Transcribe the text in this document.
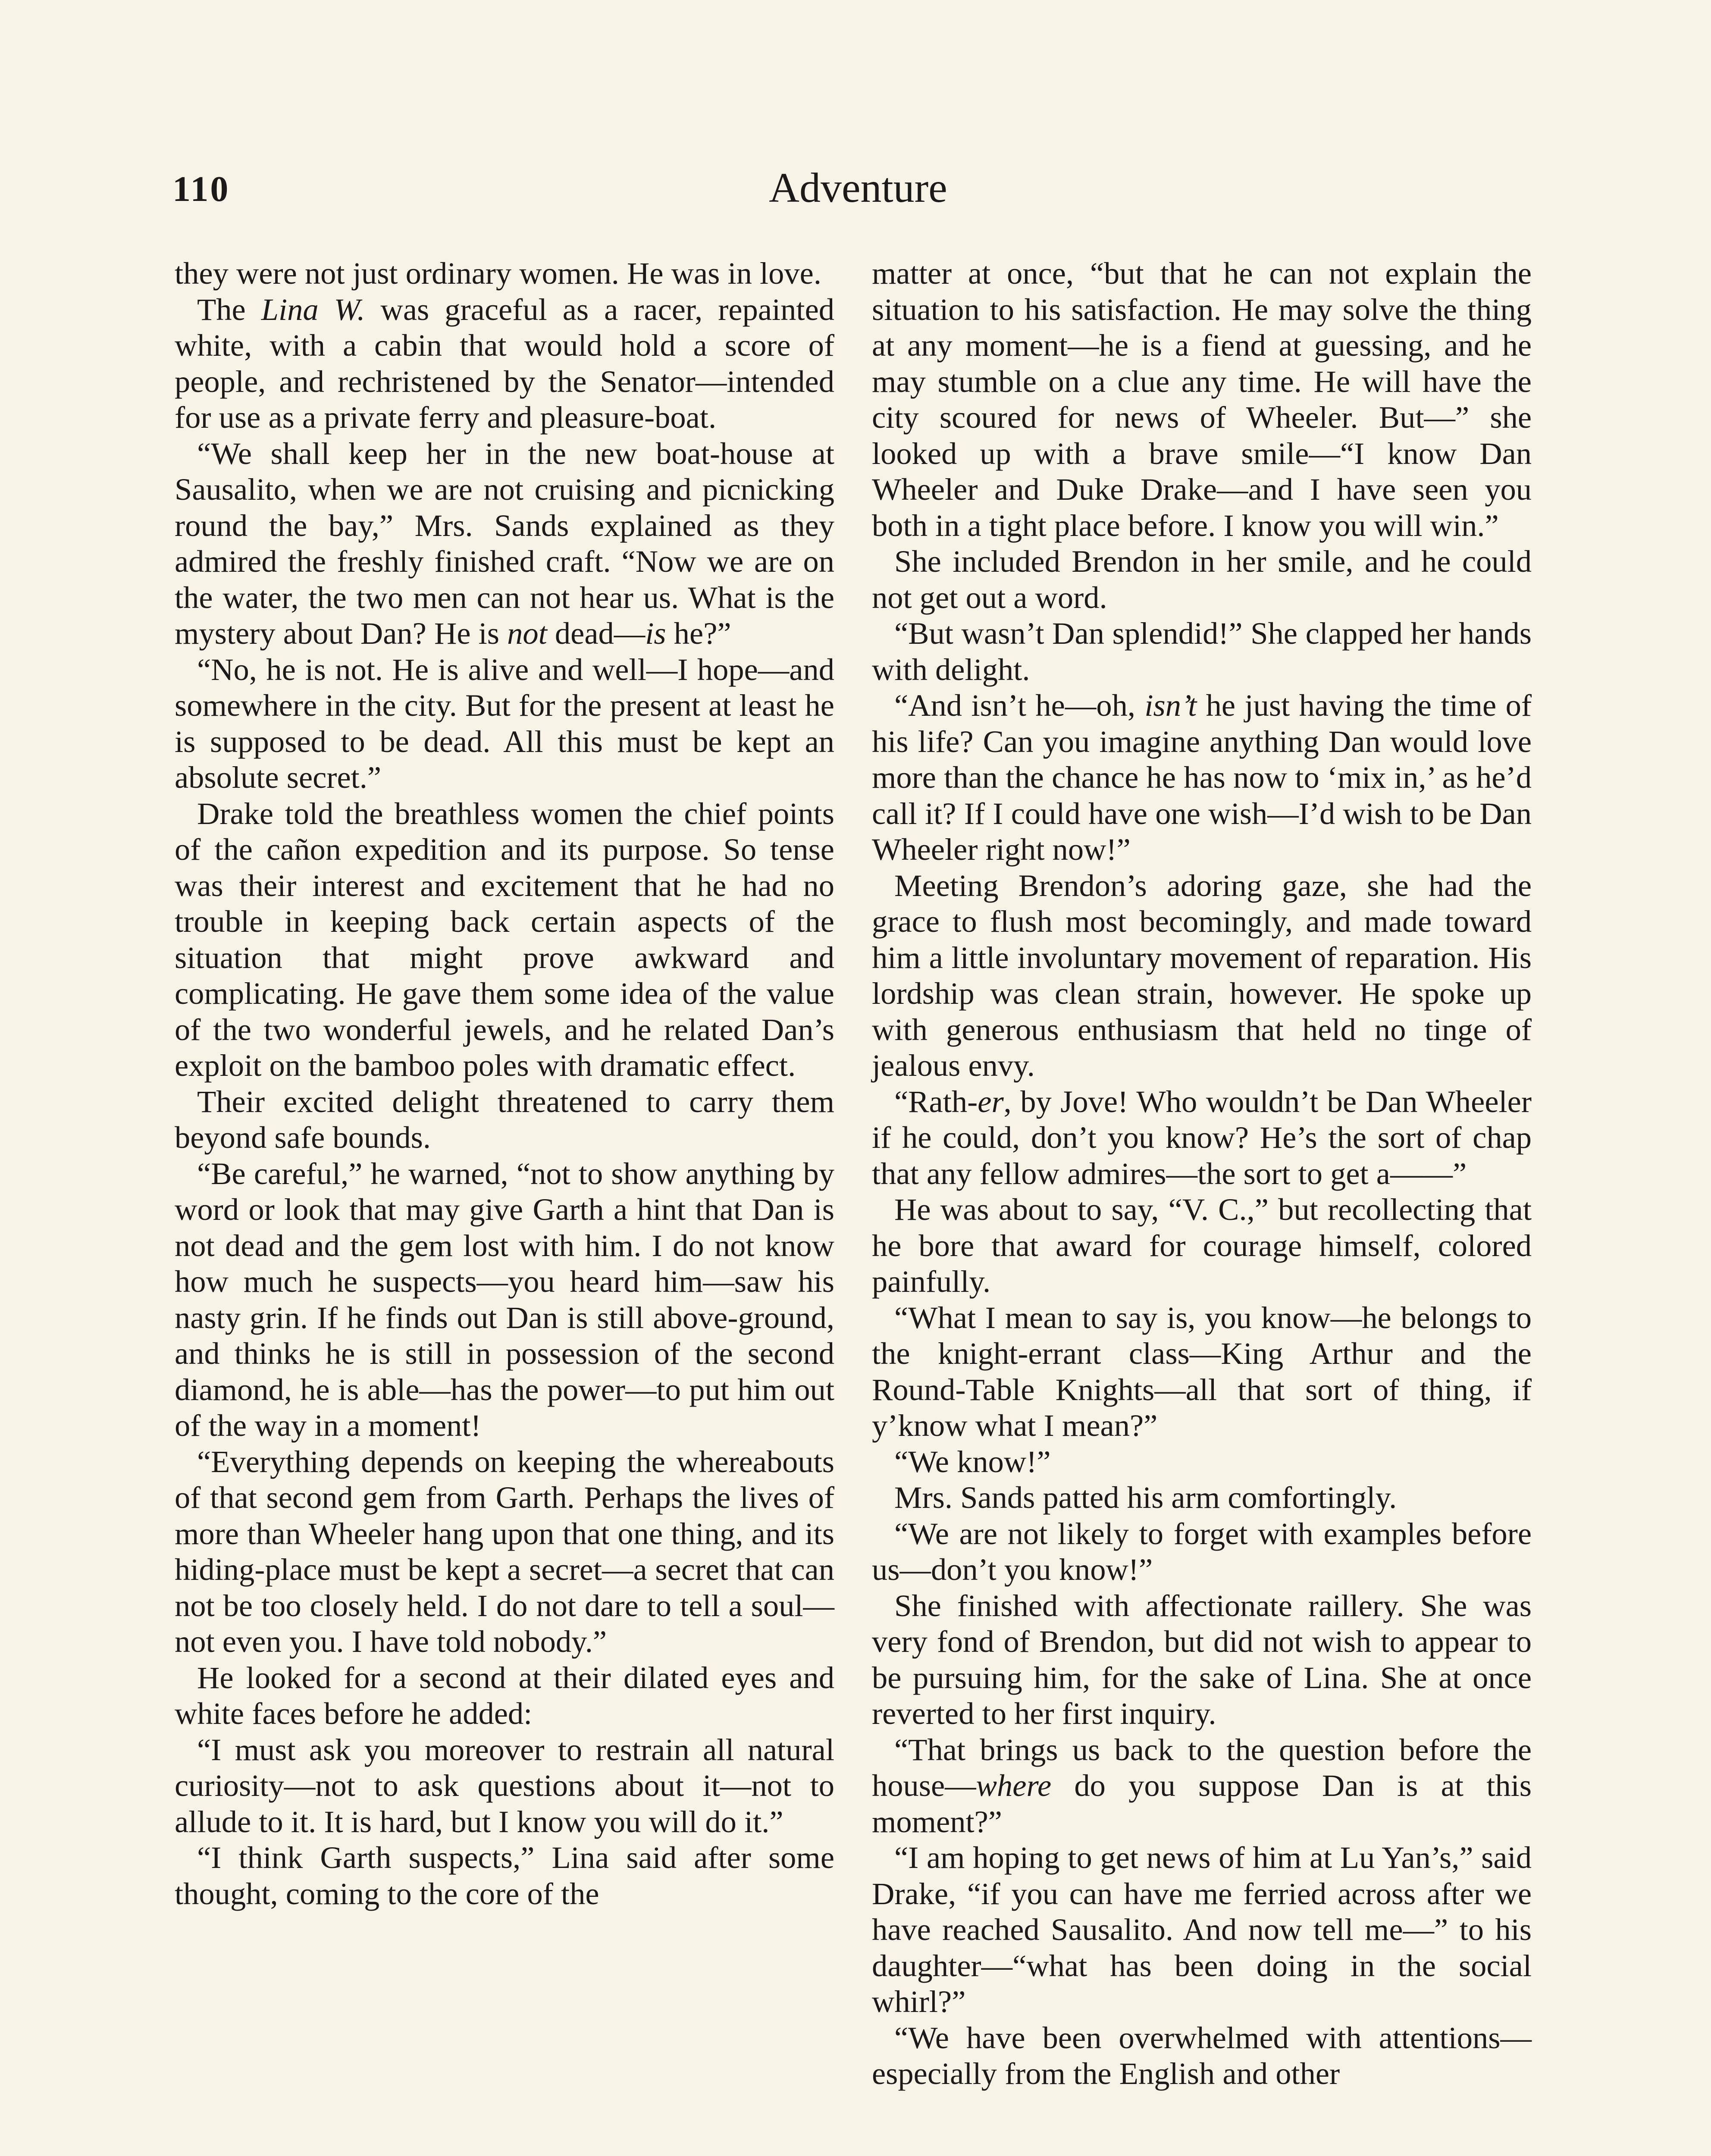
110	Adventure

they were not just ordinary women. He was in love.

The Lina W. was graceful as a racer, repainted white, with a cabin that would hold a score of people, and rechristened by the Senator—intended for use as a private ferry and pleasure-boat.

“We shall keep her in the new boat-house at Sausalito, when we are not cruising and picnicking round the bay,” Mrs. Sands explained as they admired the freshly finished craft. “Now we are on the water, the two men can not hear us. What is the mystery about Dan? He is not dead—is he?”

“No, he is not. He is alive and well—I hope—and somewhere in the city. But for the present at least he is supposed to be dead. All this must be kept an absolute secret.”

Drake told the breathless women the chief points of the cañon expedition and its purpose. So tense was their interest and excitement that he had no trouble in keeping back certain aspects of the situation that might prove awkward and complicating. He gave them some idea of the value of the two wonderful jewels, and he related Dan’s exploit on the bamboo poles with dramatic effect.

Their excited delight threatened to carry them beyond safe bounds.

“Be careful,” he warned, “not to show anything by word or look that may give Garth a hint that Dan is not dead and the gem lost with him. I do not know how much he suspects—you heard him—saw his nasty grin. If he finds out Dan is still above-ground, and thinks he is still in possession of the second diamond, he is able—has the power—to put him out of the way in a moment!

“Everything depends on keeping the whereabouts of that second gem from Garth. Perhaps the lives of more than Wheeler hang upon that one thing, and its hiding-place must be kept a secret—a secret that can not be too closely held. I do not dare to tell a soul—not even you. I have told nobody.”

He looked for a second at their dilated eyes and white faces before he added:

“I must ask you moreover to restrain all natural curiosity—not to ask questions about it—not to allude to it. It is hard, but I know you will do it.”

“I think Garth suspects,” Lina said after some thought, coming to the core of the

matter at once, “but that he can not explain the situation to his satisfaction. He may solve the thing at any moment—he is a fiend at guessing, and he may stumble on a clue any time. He will have the city scoured for news of Wheeler. But—” she looked up with a brave smile—“I know Dan Wheeler and Duke Drake—and I have seen you both in a tight place before. I know you will win.”

She included Brendon in her smile, and he could not get out a word.

“But wasn’t Dan splendid!” She clapped her hands with delight.

“And isn’t he—oh, isn’t he just having the time of his life? Can you imagine anything Dan would love more than the chance he has now to ‘mix in,’ as he’d call it? If I could have one wish—I’d wish to be Dan Wheeler right now!”

Meeting Brendon’s adoring gaze, she had the grace to flush most becomingly, and made toward him a little involuntary movement of reparation. His lordship was clean strain, however. He spoke up with generous enthusiasm that held no tinge of jealous envy.

“Rath-er, by Jove! Who wouldn’t be Dan Wheeler if he could, don’t you know? He’s the sort of chap that any fellow admires—the sort to get a——”

He was about to say, “V. C.,” but recollecting that he bore that award for courage himself, colored painfully.

“What I mean to say is, you know—he belongs to the knight-errant class—King Arthur and the Round-Table Knights—all that sort of thing, if y’know what I mean?”

“We know!”

Mrs. Sands patted his arm comfortingly.

“We are not likely to forget with examples before us—don’t you know!”

She finished with affectionate raillery. She was very fond of Brendon, but did not wish to appear to be pursuing him, for the sake of Lina. She at once reverted to her first inquiry.

“That brings us back to the question before the house—where do you suppose Dan is at this moment?”

“I am hoping to get news of him at Lu Yan’s,” said Drake, “if you can have me ferried across after we have reached Sausalito. And now tell me—” to his daughter—“what has been doing in the social whirl?”

“We have been overwhelmed with attentions—especially from the English and other
